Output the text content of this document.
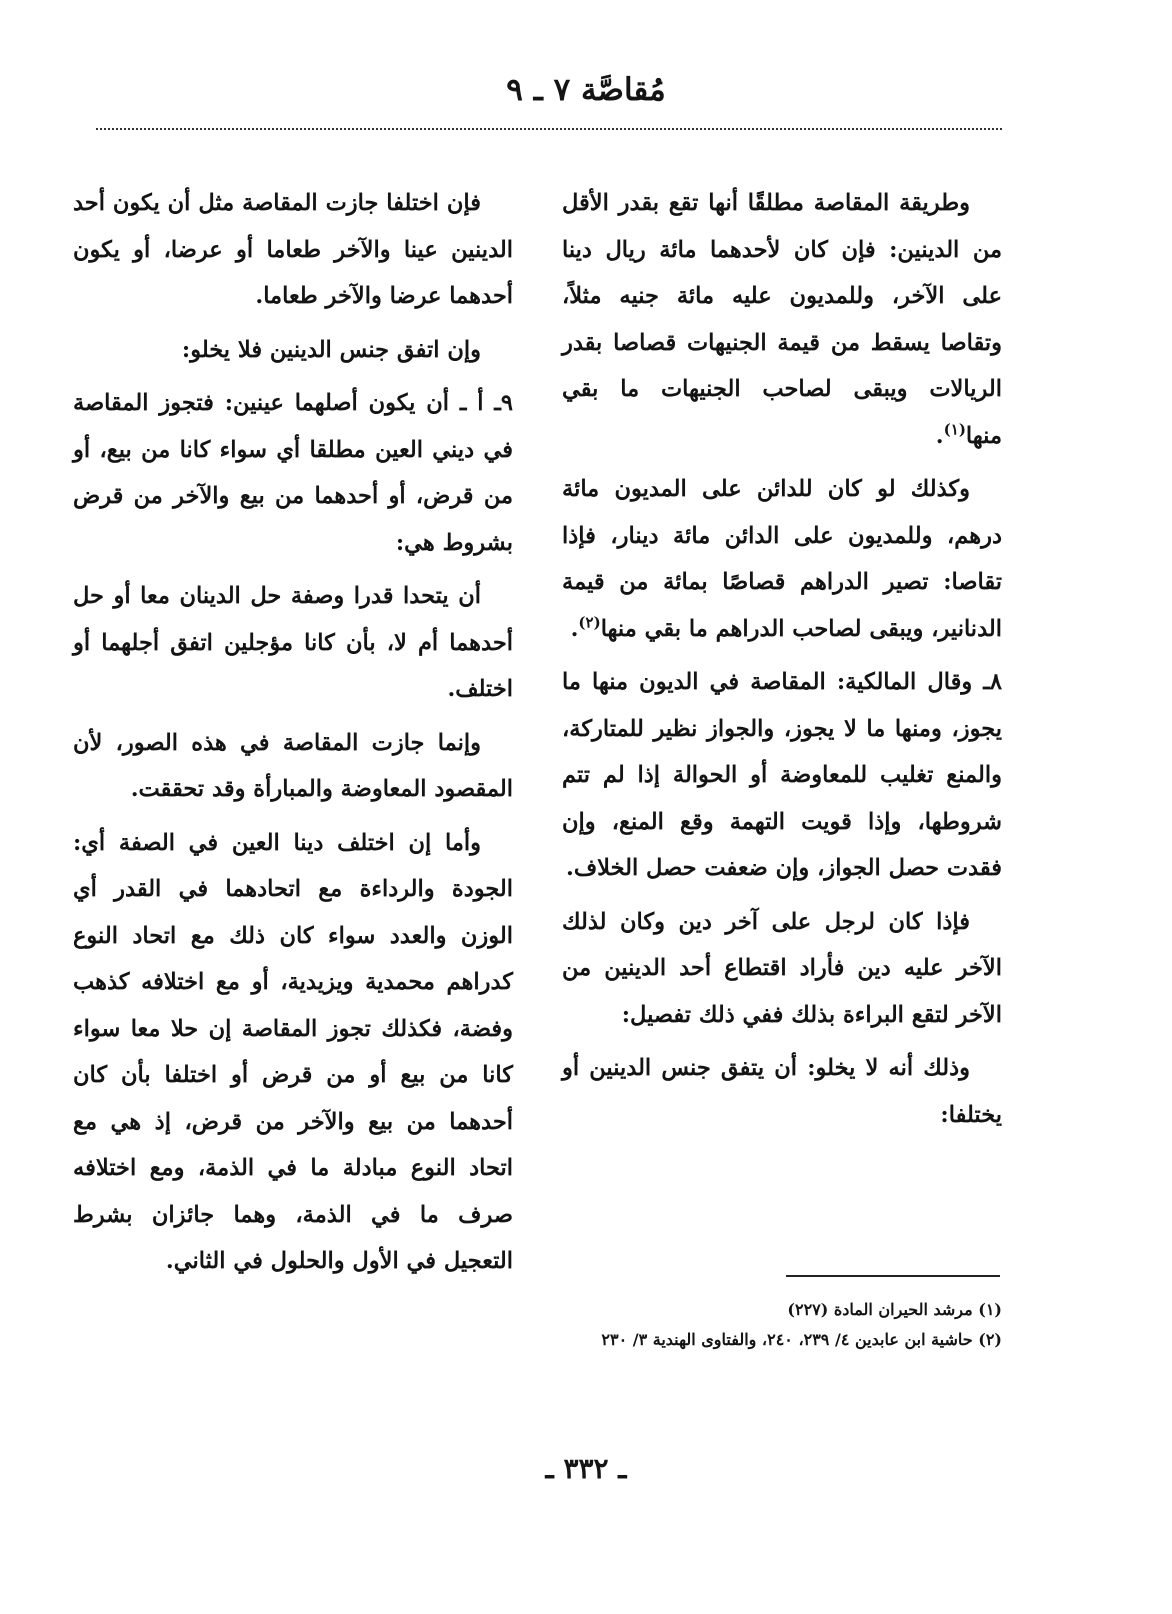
مُقاصَّة ٧ ـ ٩

وطريقة المقاصة مطلقًا أنها تقع بقدر الأقل من الدينين: فإن كان لأحدهما مائة ريال دينا على الآخر، وللمديون عليه مائة جنيه مثلاً، وتقاصا يسقط من قيمة الجنيهات قصاصا بقدر الريالات ويبقى لصاحب الجنيهات ما بقي منها$^{(١)}$.

وكذلك لو كان للدائن على المديون مائة درهم، وللمديون على الدائن مائة دينار، فإذا تقاصا: تصير الدراهم قصاصًا بمائة من قيمة الدنانير، ويبقى لصاحب الدراهم ما بقي منها$^{(٢)}$.

٨ـ وقال المالكية: المقاصة في الديون منها ما يجوز، ومنها ما لا يجوز، والجواز نظير للمتاركة، والمنع تغليب للمعاوضة أو الحوالة إذا لم تتم شروطها، وإذا قويت التهمة وقع المنع، وإن فقدت حصل الجواز، وإن ضعفت حصل الخلاف.

فإذا كان لرجل على آخر دين وكان لذلك الآخر عليه دين فأراد اقتطاع أحد الدينين من الآخر لتقع البراءة بذلك ففي ذلك تفصيل:

وذلك أنه لا يخلو: أن يتفق جنس الدينين أو يختلفا:

فإن اختلفا جازت المقاصة مثل أن يكون أحد الدينين عينا والآخر طعاما أو عرضا، أو يكون أحدهما عرضا والآخر طعاما.

وإن اتفق جنس الدينين فلا يخلو:

٩ـ أ ـ أن يكون أصلهما عينين: فتجوز المقاصة في ديني العين مطلقا أي سواء كانا من بيع، أو من قرض، أو أحدهما من بيع والآخر من قرض بشروط هي:

أن يتحدا قدرا وصفة حل الدينان معا أو حل أحدهما أم لا، بأن كانا مؤجلين اتفق أجلهما أو اختلف.

وإنما جازت المقاصة في هذه الصور، لأن المقصود المعاوضة والمبارأة وقد تحققت.

وأما إن اختلف دينا العين في الصفة أي: الجودة والرداءة مع اتحادهما في القدر أي الوزن والعدد سواء كان ذلك مع اتحاد النوع كدراهم محمدية ويزيدية، أو مع اختلافه كذهب وفضة، فكذلك تجوز المقاصة إن حلا معا سواء كانا من بيع أو من قرض أو اختلفا بأن كان أحدهما من بيع والآخر من قرض، إذ هي مع اتحاد النوع مبادلة ما في الذمة، ومع اختلافه صرف ما في الذمة، وهما جائزان بشرط التعجيل في الأول والحلول في الثاني.

(١) مرشد الحيران المادة (٢٢٧)
(٢) حاشية ابن عابدين ٤/ ٢٣٩، ٢٤٠، والفتاوى الهندية ٣/ ٢٣٠
ـ ٣٣٢ ـ
